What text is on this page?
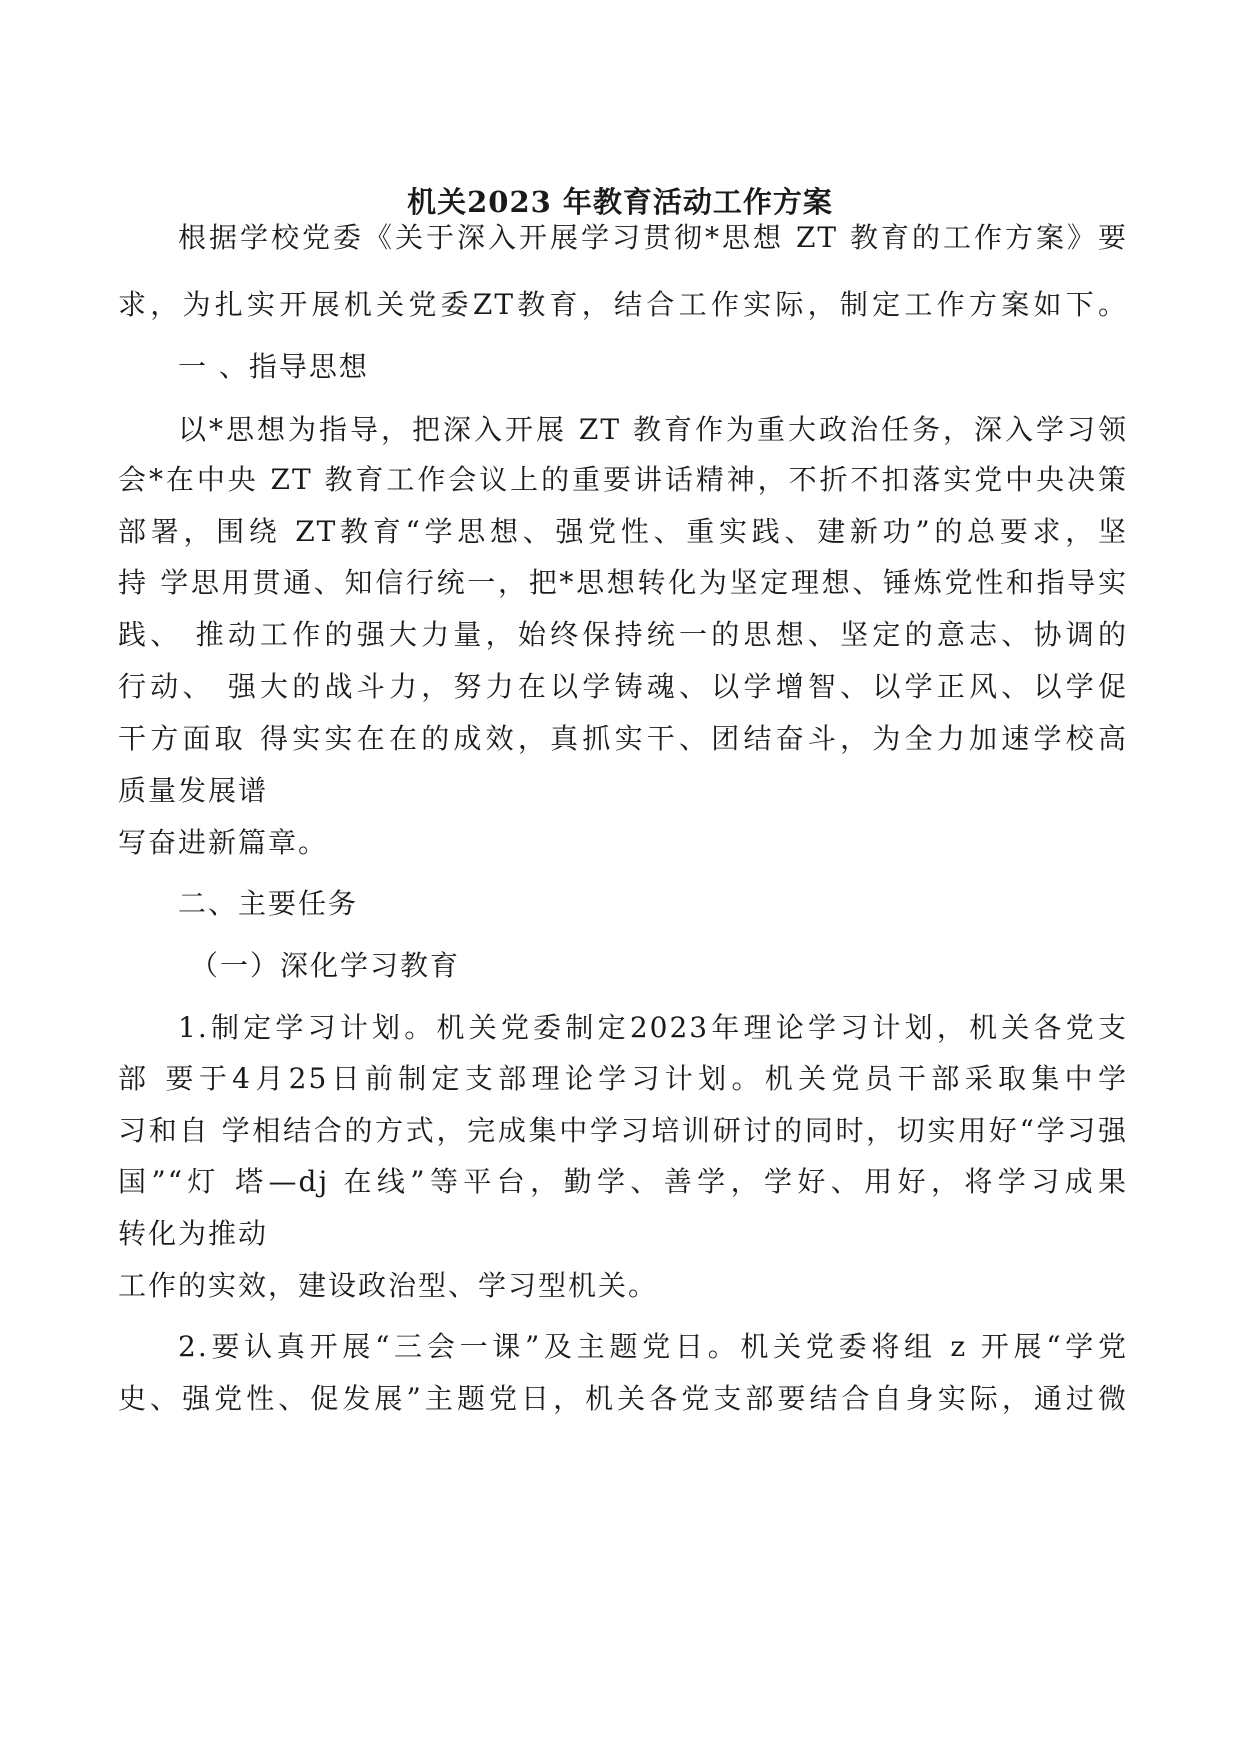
机关2023 年教育活动工作方案
根据学校党委《关于深入开展学习贯彻*思想 ZT 教育的工作方案》要
求，为扎实开展机关党委ZT教育，结合工作实际，制定工作方案如下。
一 、指导思想
以*思想为指导，把深入开展 ZT 教育作为重大政治任务，深入学习领
会*在中央 ZT 教育工作会议上的重要讲话精神，不折不扣落实党中央决策
部署，围绕 ZT教育“学思想、强党性、重实践、建新功”的总要求，坚
持 学思用贯通、知信行统一，把*思想转化为坚定理想、锤炼党性和指导实
践、 推动工作的强大力量，始终保持统一的思想、坚定的意志、协调的
行动、 强大的战斗力，努力在以学铸魂、以学增智、以学正风、以学促
干方面取 得实实在在的成效，真抓实干、团结奋斗，为全力加速学校高
质量发展谱
写奋进新篇章。
二、主要任务
（一）深化学习教育
1.制定学习计划。机关党委制定2023年理论学习计划，机关各党支
部 要于4月25日前制定支部理论学习计划。机关党员干部采取集中学
习和自 学相结合的方式，完成集中学习培训研讨的同时，切实用好“学习强
国”“灯 塔—dj 在线”等平台，勤学、善学，学好、用好，将学习成果
转化为推动
工作的实效，建设政治型、学习型机关。
2.要认真开展“三会一课”及主题党日。机关党委将组 z 开展“学党
史、强党性、促发展”主题党日，机关各党支部要结合自身实际，通过微
